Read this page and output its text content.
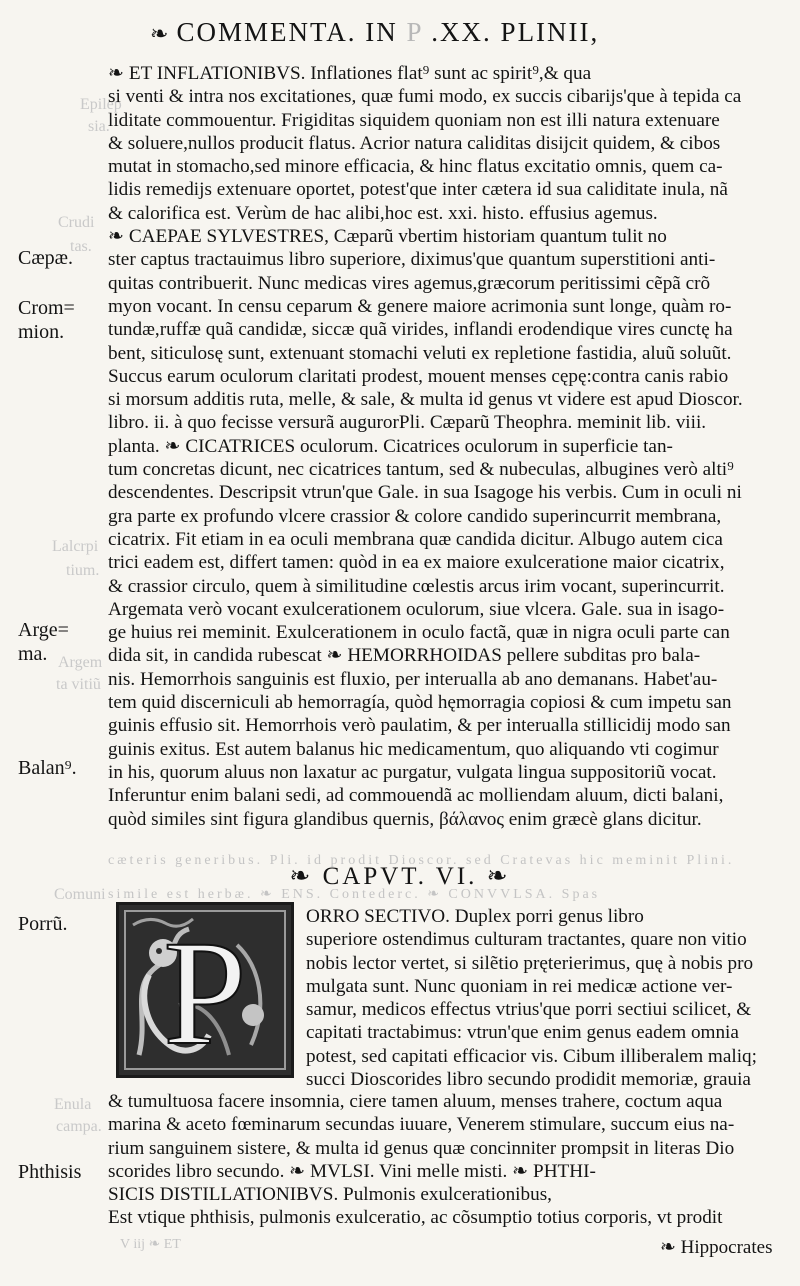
❧ COMMENTA. IN P .XX. PLINII,
Epilep
sia.
Crudi
tas.
Lalcrpi
tium.
Argem
ta vitiũ
Comuni
Enula
campa.
Cæpæ.
Crom=
mion.
Arge=
ma.
Balan⁹.
Porrũ.
Phthisis
❧ ET INFLATIONIBVS. Inflationes flat⁹ sunt ac spirit⁹,& qua
si venti & intra nos excitationes, quæ fumi modo, ex succis cibarijs'que à tepida ca
liditate commouentur. Frigiditas siquidem quoniam non est illi natura extenuare
& soluere,nullos producit flatus. Acrior natura caliditas disijcit quidem, & cibos
mutat in stomacho,sed minore efficacia, & hinc flatus excitatio omnis, quem ca-
lidis remedijs extenuare oportet, potest'que inter cætera id sua caliditate inula, nã
& calorifica est. Verùm de hac alibi,hoc est. xxi. histo. effusius agemus.
❧ CAEPAE SYLVESTRES, Cæparũ vbertim historiam quantum tulit no
ster captus tractauimus libro superiore, diximus'que quantum superstitioni anti-
quitas contribuerit. Nunc medicas vires agemus,græcorum peritissimi cẽpã crõ
myon vocant. In censu ceparum & genere maiore acrimonia sunt longe, quàm ro-
tundæ,ruffæ quã candidæ, siccæ quã virides, inflandi erodendique vires cunctę ha
bent, siticulosę sunt, extenuant stomachi veluti ex repletione fastidia, aluũ soluũt.
Succus earum oculorum claritati prodest, mouent menses cępę:contra canis rabio
si morsum additis ruta, melle, & sale, & multa id genus vt videre est apud Dioscor.
libro. ii. à quo fecisse versurã augurorPli. Cæparũ Theophra. meminit lib. viii.
planta. ❧ CICATRICES oculorum. Cicatrices oculorum in superficie tan-
tum concretas dicunt, nec cicatrices tantum, sed & nubeculas, albugines verò alti⁹
descendentes. Descripsit vtrun'que Gale. in sua Isagoge his verbis. Cum in oculi ni
gra parte ex profundo vlcere crassior & colore candido superincurrit membrana,
cicatrix. Fit etiam in ea oculi membrana quæ candida dicitur. Albugo autem cica
trici eadem est, differt tamen: quòd in ea ex maiore exulceratione maior cicatrix,
& crassior circulo, quem à similitudine cœlestis arcus irim vocant, superincurrit.
Argemata verò vocant exulcerationem oculorum, siue vlcera. Gale. sua in isago-
ge huius rei meminit. Exulcerationem in oculo factã, quæ in nigra oculi parte can
dida sit, in candida rubescat ❧ HEMORRHOIDAS pellere subditas pro bala-
nis. Hemorrhois sanguinis est fluxio, per interualla ab ano demanans. Habet'au-
tem quid discerniculi ab hemorragía, quòd hęmorragia copiosi & cum impetu san
guinis effusio sit. Hemorrhois verò paulatim, & per interualla stillicidij modo san
guinis exitus. Est autem balanus hic medicamentum, quo aliquando vti cogimur
in his, quorum aluus non laxatur ac purgatur, vulgata lingua suppositoriũ vocat.
Inferuntur enim balani sedi, ad commouendã ac molliendam aluum, dicti balani,
quòd similes sint figura glandibus quernis, βάλανος enim græcè glans dicitur.
cæteris generibus. Pli. id prodit Dioscor. sed Cratevas hic meminit Plini.
❧ CAPVT. VI. ❧
simile est herbæ. ❧ ENS. Contederc. ❧ CONVVLSA. Spas
P	ORRO SECTIVO. Duplex porri genus libro
superiore ostendimus culturam tractantes, quare non vitio
nobis lector vertet, si silẽtio pręterierimus, quę à nobis pro
mulgata sunt. Nunc quoniam in rei medicæ actione ver-
samur, medicos effectus vtrius'que porri sectiui scilicet, &
capitati tractabimus: vtrun'que enim genus eadem omnia
potest, sed capitati efficacior vis. Cibum illiberalem maliq;
succi Dioscorides libro secundo prodidit memoriæ, grauia
& tumultuosa facere insomnia, ciere tamen aluum, menses trahere, coctum aqua
marina & aceto fœminarum secundas iuuare, Venerem stimulare, succum eius na-
rium sanguinem sistere, & multa id genus quæ concinniter prompsit in literas Dio
scorides libro secundo. ❧ MVLSI. Vini melle misti. ❧ PHTHI-
SICIS DISTILLATIONIBVS. Pulmonis exulcerationibus,
Est vtique phthisis, pulmonis exulceratio, ac cõsumptio totius corporis, vt prodit
V iij ❧ ET	❧ Hippocrates
